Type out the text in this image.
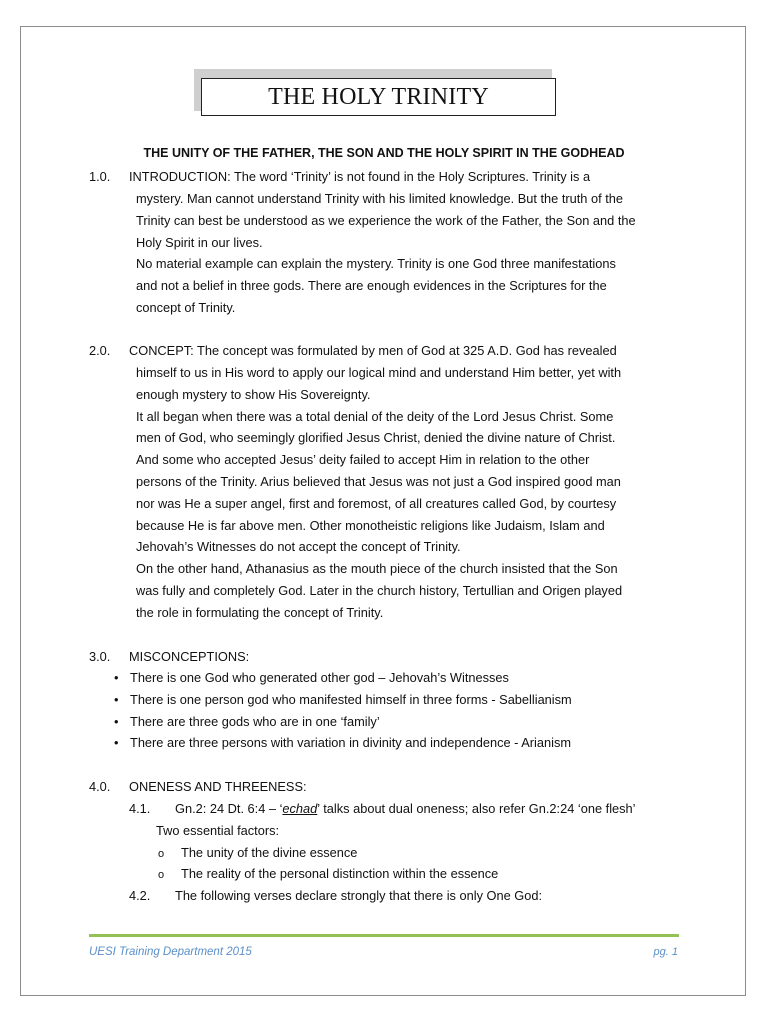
THE HOLY TRINITY
THE UNITY OF THE FATHER, THE SON AND THE HOLY SPIRIT IN THE GODHEAD
1.0. INTRODUCTION: The word ‘Trinity’ is not found in the Holy Scriptures. Trinity is a
mystery. Man cannot understand Trinity with his limited knowledge. But the truth of the
Trinity can best be understood as we experience the work of the Father, the Son and the
Holy Spirit in our lives.
No material example can explain the mystery. Trinity is one God three manifestations
and not a belief in three gods. There are enough evidences in the Scriptures for the
concept of Trinity.
2.0. CONCEPT: The concept was formulated by men of God at 325 A.D. God has revealed
himself to us in His word to apply our logical mind and understand Him better, yet with
enough mystery to show His Sovereignty.
It all began when there was a total denial of the deity of the Lord Jesus Christ. Some
men of God, who seemingly glorified Jesus Christ, denied the divine nature of Christ.
And some who accepted Jesus’ deity failed to accept Him in relation to the other
persons of the Trinity. Arius believed that Jesus was not just a God inspired good man
nor was He a super angel, first and foremost, of all creatures called God, by courtesy
because He is far above men. Other monotheistic religions like Judaism, Islam and
Jehovah’s Witnesses do not accept the concept of Trinity.
On the other hand, Athanasius as the mouth piece of the church insisted that the Son
was fully and completely God. Later in the church history, Tertullian and Origen played
the role in formulating the concept of Trinity.
3.0. MISCONCEPTIONS:
• There is one God who generated other god – Jehovah’s Witnesses
• There is one person god who manifested himself in three forms - Sabellianism
• There are three gods who are in one ‘family’
• There are three persons with variation in divinity and independence - Arianism
4.0. ONENESS AND THREENESS:
4.1. Gn.2: 24 Dt. 6:4 – ‘echad’ talks about dual oneness; also refer Gn.2:24 ‘one flesh’
Two essential factors:
o The unity of the divine essence
o The reality of the personal distinction within the essence
4.2. The following verses declare strongly that there is only One God:
UESI Training Department 2015	pg. 1
